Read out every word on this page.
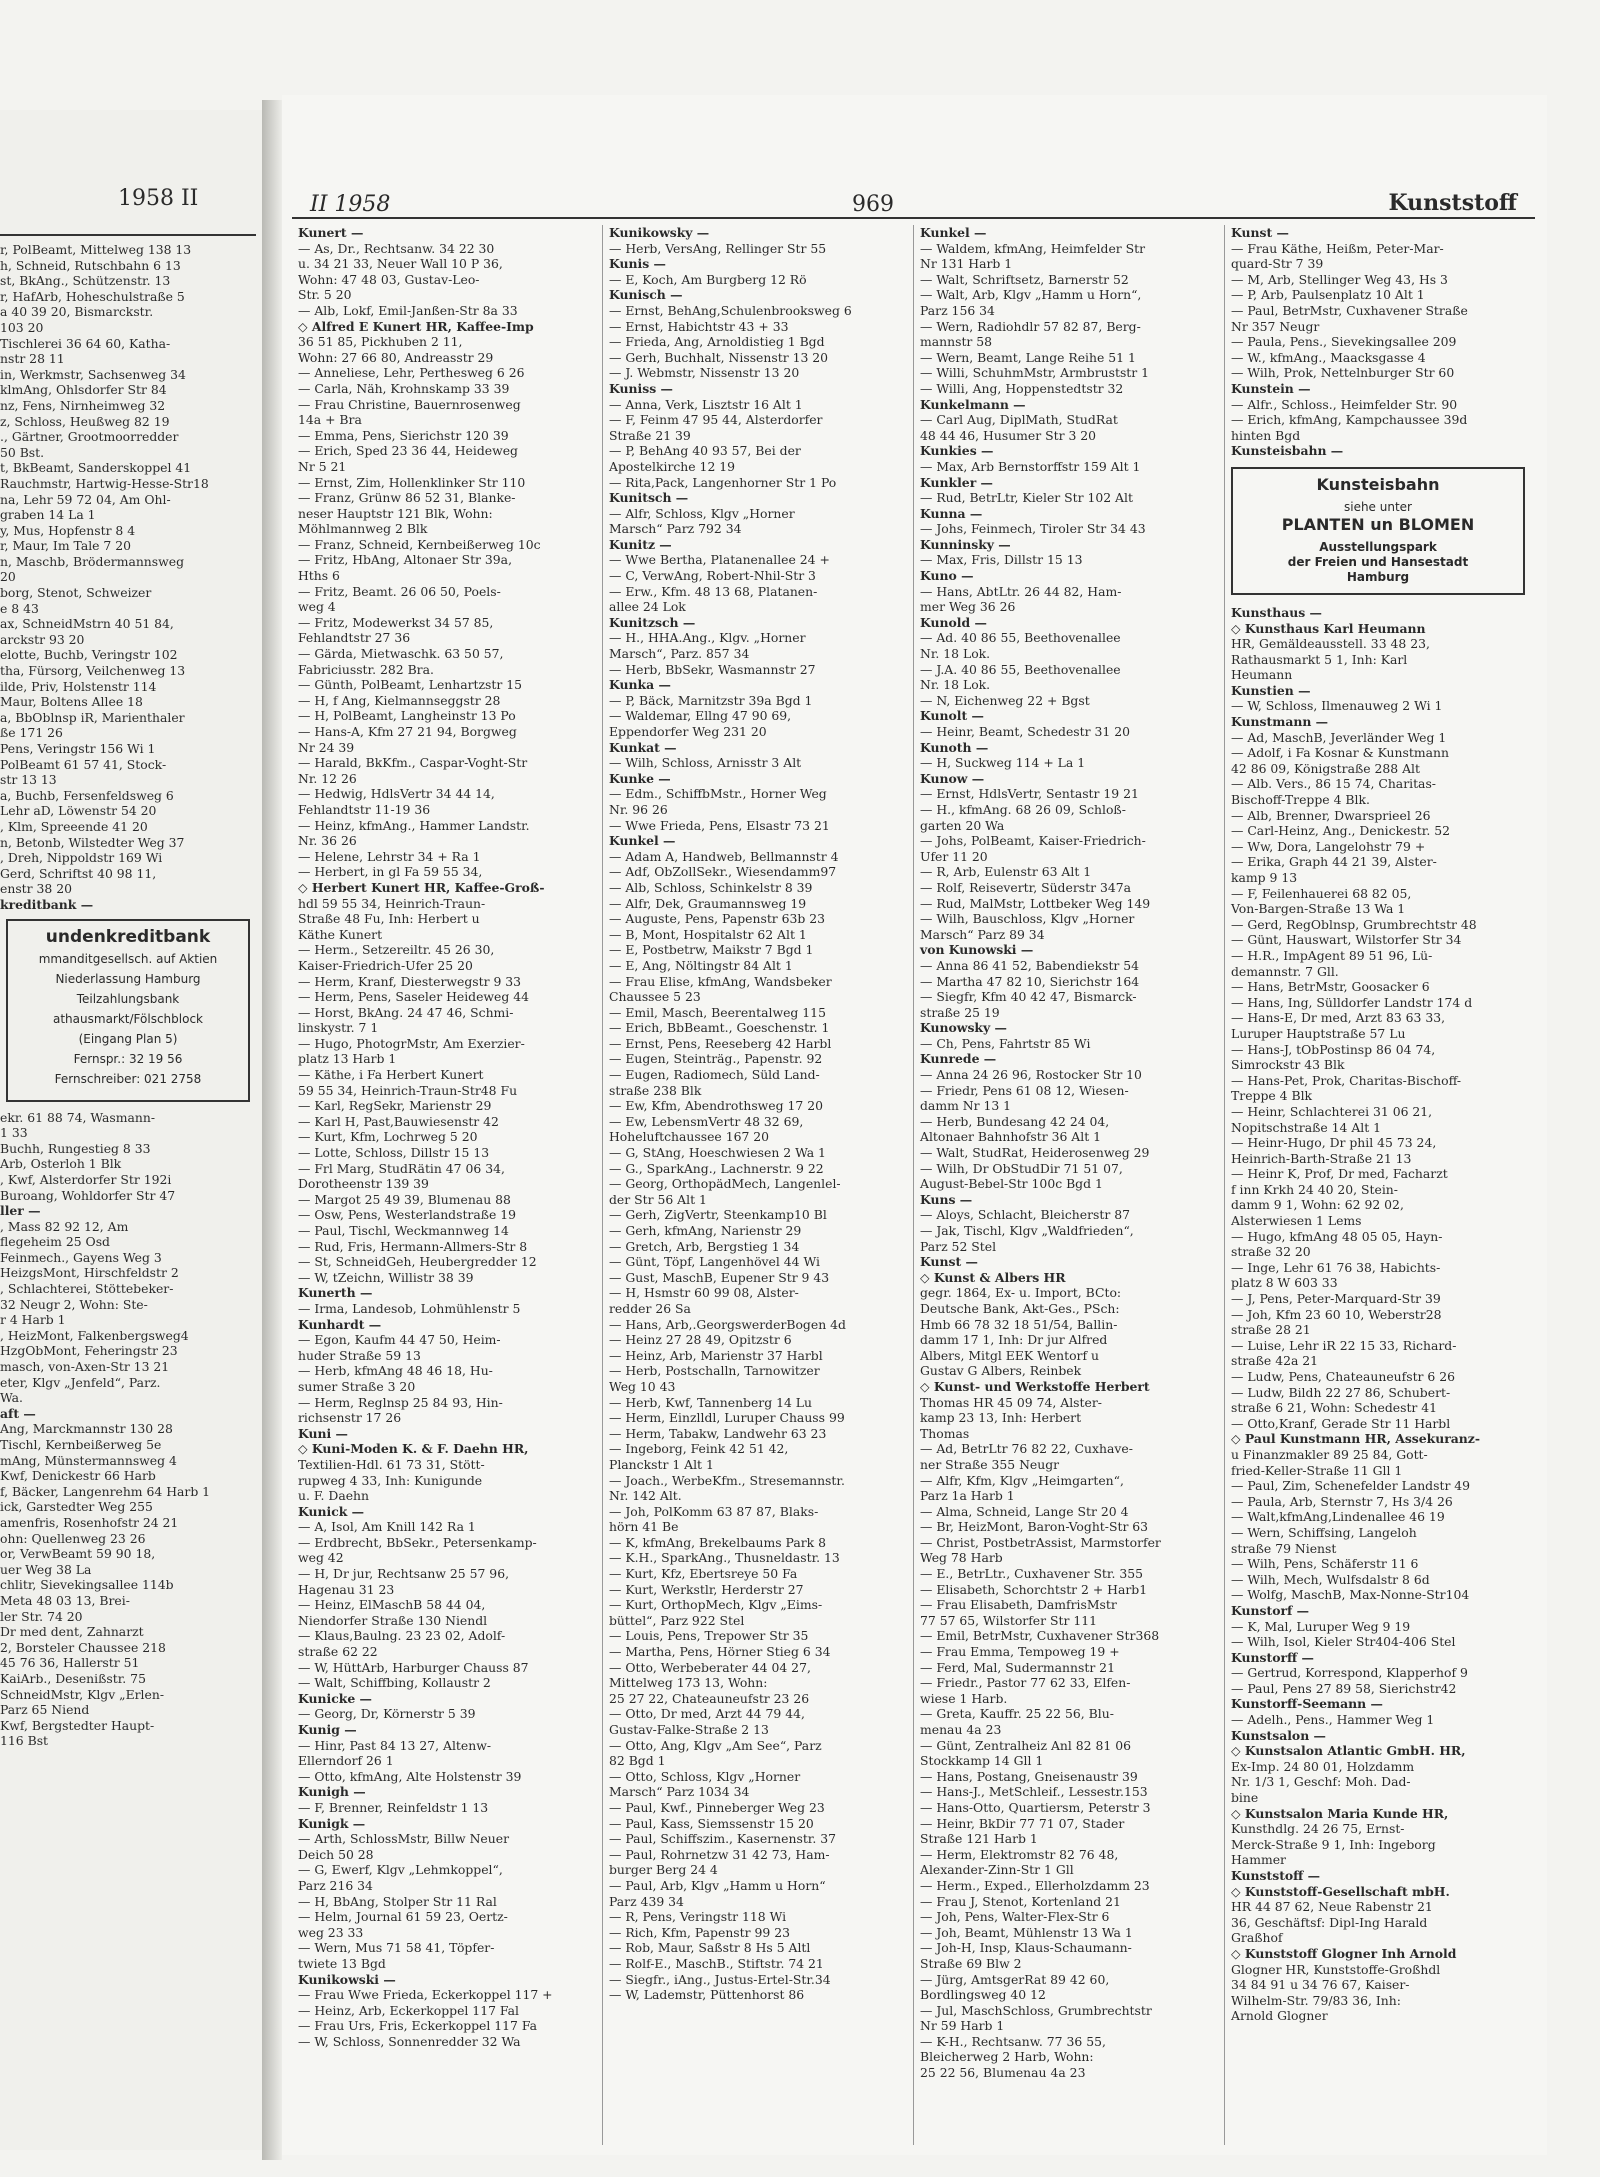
1958 II

r, PolBeamt, Mittelweg 138 13

h, Schneid, Rutschbahn 6 13

st, BkAng., Schützenstr. 13

r, HafArb, Hoheschulstraße 5

a 40 39 20, Bismarckstr.

103 20

Tischlerei 36 64 60, Katha-

nstr 28 11

in, Werkmstr, Sachsenweg 34

klmAng, Ohlsdorfer Str 84

nz, Fens, Nirnheimweg 32

z, Schloss, Heußweg 82 19

., Gärtner, Grootmoorredder

50 Bst.

t, BkBeamt, Sanderskoppel 41

Rauchmstr, Hartwig-Hesse-Str18

na, Lehr 59 72 04, Am Ohl-

graben 14 La 1

y, Mus, Hopfenstr 8 4

r, Maur, Im Tale 7 20

n, Maschb, Brödermannsweg

20

borg, Stenot, Schweizer

e 8 43

ax, SchneidMstrn 40 51 84,

arckstr 93 20

elotte, Buchb, Veringstr 102

tha, Fürsorg, Veilchenweg 13

ilde, Priv, Holstenstr 114

Maur, Boltens Allee 18

a, BbOblnsp iR, Marienthaler

ße 171 26

Pens, Veringstr 156 Wi 1

PolBeamt 61 57 41, Stock-

str 13 13

a, Buchb, Fersenfeldsweg 6

Lehr aD, Löwenstr 54 20

, Klm, Spreeende 41 20

n, Betonb, Wilstedter Weg 37

, Dreh, Nippoldstr 169 Wi

Gerd, Schriftst 40 98 11,

enstr 38 20

kreditbank —

undenkreditbank
mmanditgesellsch. auf Aktien
Niederlassung Hamburg
Teilzahlungsbank
athausmarkt/Fölschblock
(Eingang Plan 5)
Fernspr.: 32 19 56
Fernschreiber: 021 2758

ekr. 61 88 74, Wasmann-

1 33

Buchh, Rungestieg 8 33

Arb, Osterloh 1 Blk

, Kwf, Alsterdorfer Str 192i

Buroang, Wohldorfer Str 47

ller —

, Mass 82 92 12, Am

flegeheim 25 Osd

Feinmech., Gayens Weg 3

HeizgsMont, Hirschfeldstr 2

, Schlachterei, Stöttebeker-

32 Neugr 2, Wohn: Ste-

r 4 Harb 1

, HeizMont, Falkenbergsweg4

HzgObMont, Feheringstr 23

masch, von-Axen-Str 13 21

eter, Klgv „Jenfeld“, Parz.

Wa.

aft —

Ang, Marckmannstr 130 28

Tischl, Kernbeißerweg 5e

mAng, Münstermannsweg 4

Kwf, Denickestr 66 Harb

f, Bäcker, Langenrehm 64 Harb 1

ick, Garstedter Weg 255

amenfris, Rosenhofstr 24 21

ohn: Quellenweg 23 26

or, VerwBeamt 59 90 18,

uer Weg 38 La

chlitr, Sievekingsallee 114b

Meta 48 03 13, Brei-

ler Str. 74 20

Dr med dent, Zahnarzt

2, Borsteler Chaussee 218

45 76 36, Hallerstr 51

KaiArb., Desenißstr. 75

SchneidMstr, Klgv „Erlen-

Parz 65 Niend

Kwf, Bergstedter Haupt-

116 Bst

II 1958	969	Kunststoff

Kunert —

— As, Dr., Rechtsanw. 34 22 30

u. 34 21 33, Neuer Wall 10 P 36,

Wohn: 47 48 03, Gustav-Leo-

Str. 5 20

— Alb, Lokf, Emil-Janßen-Str 8a 33

◇ Alfred E Kunert HR, Kaffee-Imp

36 51 85, Pickhuben 2 11,

Wohn: 27 66 80, Andreasstr 29

— Anneliese, Lehr, Perthesweg 6 26

— Carla, Näh, Krohnskamp 33 39

— Frau Christine, Bauernrosenweg

14a + Bra

— Emma, Pens, Sierichstr 120 39

— Erich, Sped 23 36 44, Heideweg

Nr 5 21

— Ernst, Zim, Hollenklinker Str 110

— Franz, Grünw 86 52 31, Blanke-

neser Hauptstr 121 Blk, Wohn:

Möhlmannweg 2 Blk

— Franz, Schneid, Kernbeißerweg 10c

— Fritz, HbAng, Altonaer Str 39a,

Hths 6

— Fritz, Beamt. 26 06 50, Poels-

weg 4

— Fritz, Modewerkst 34 57 85,

Fehlandtstr 27 36

— Gärda, Mietwaschk. 63 50 57,

Fabriciusstr. 282 Bra.

— Günth, PolBeamt, Lenhartzstr 15

— H, f Ang, Kielmannseggstr 28

— H, PolBeamt, Langheinstr 13 Po

— Hans-A, Kfm 27 21 94, Borgweg

Nr 24 39

— Harald, BkKfm., Caspar-Voght-Str

Nr. 12 26

— Hedwig, HdlsVertr 34 44 14,

Fehlandtstr 11-19 36

— Heinz, kfmAng., Hammer Landstr.

Nr. 36 26

— Helene, Lehrstr 34 + Ra 1

— Herbert, in gl Fa 59 55 34,

◇ Herbert Kunert HR, Kaffee-Groß-

hdl 59 55 34, Heinrich-Traun-

Straße 48 Fu, Inh: Herbert u

Käthe Kunert

— Herm., Setzereiltr. 45 26 30,

Kaiser-Friedrich-Ufer 25 20

— Herm, Kranf, Diesterwegstr 9 33

— Herm, Pens, Saseler Heideweg 44

— Horst, BkAng. 24 47 46, Schmi-

linskystr. 7 1

— Hugo, PhotogrMstr, Am Exerzier-

platz 13 Harb 1

— Käthe, i Fa Herbert Kunert

59 55 34, Heinrich-Traun-Str48 Fu

— Karl, RegSekr, Marienstr 29

— Karl H, Past,Bauwiesenstr 42

— Kurt, Kfm, Lochrweg 5 20

— Lotte, Schloss, Dillstr 15 13

— Frl Marg, StudRätin 47 06 34,

Dorotheenstr 139 39

— Margot 25 49 39, Blumenau 88

— Osw, Pens, Westerlandstraße 19

— Paul, Tischl, Weckmannweg 14

— Rud, Fris, Hermann-Allmers-Str 8

— St, SchneidGeh, Heubergredder 12

— W, tZeichn, Willistr 38 39

Kunerth —

— Irma, Landesob, Lohmühlenstr 5

Kunhardt —

— Egon, Kaufm 44 47 50, Heim-

huder Straße 59 13

— Herb, kfmAng 48 46 18, Hu-

sumer Straße 3 20

— Herm, Reglnsp 25 84 93, Hin-

richsenstr 17 26

Kuni —

◇ Kuni-Moden K. & F. Daehn HR,

Textilien-Hdl. 61 73 31, Stött-

rupweg 4 33, Inh: Kunigunde

u. F. Daehn

Kunick —

— A, Isol, Am Knill 142 Ra 1

— Erdbrecht, BbSekr., Petersenkamp-

weg 42

— H, Dr jur, Rechtsanw 25 57 96,

Hagenau 31 23

— Heinz, ElMaschB 58 44 04,

Niendorfer Straße 130 Niendl

— Klaus,Baulng. 23 23 02, Adolf-

straße 62 22

— W, HüttArb, Harburger Chauss 87

— Walt, Schiffbing, Kollaustr 2

Kunicke —

— Georg, Dr, Körnerstr 5 39

Kunig —

— Hinr, Past 84 13 27, Altenw-

Ellerndorf 26 1

— Otto, kfmAng, Alte Holstenstr 39

Kunigh —

— F, Brenner, Reinfeldstr 1 13

Kunigk —

— Arth, SchlossMstr, Billw Neuer

Deich 50 28

— G, Ewerf, Klgv „Lehmkoppel“,

Parz 216 34

— H, BbAng, Stolper Str 11 Ral

— Helm, Journal 61 59 23, Oertz-

weg 23 33

— Wern, Mus 71 58 41, Töpfer-

twiete 13 Bgd

Kunikowski —

— Frau Wwe Frieda, Eckerkoppel 117 +

— Heinz, Arb, Eckerkoppel 117 Fal

— Frau Urs, Fris, Eckerkoppel 117 Fa

— W, Schloss, Sonnenredder 32 Wa

Kunikowsky —

— Herb, VersAng, Rellinger Str 55

Kunis —

— E, Koch, Am Burgberg 12 Rö

Kunisch —

— Ernst, BehAng,Schulenbrooksweg 6

— Ernst, Habichtstr 43 + 33

— Frieda, Ang, Arnoldistieg 1 Bgd

— Gerh, Buchhalt, Nissenstr 13 20

— J. Webmstr, Nissenstr 13 20

Kuniss —

— Anna, Verk, Lisztstr 16 Alt 1

— F, Feinm 47 95 44, Alsterdorfer

Straße 21 39

— P, BehAng 40 93 57, Bei der

Apostelkirche 12 19

— Rita,Pack, Langenhorner Str 1 Po

Kunitsch —

— Alfr, Schloss, Klgv „Horner

Marsch“ Parz 792 34

Kunitz —

— Wwe Bertha, Platanenallee 24 +

— C, VerwAng, Robert-Nhil-Str 3

— Erw., Kfm. 48 13 68, Platanen-

allee 24 Lok

Kunitzsch —

— H., HHA.Ang., Klgv. „Horner

Marsch“, Parz. 857 34

— Herb, BbSekr, Wasmannstr 27

Kunka —

— P, Bäck, Marnitzstr 39a Bgd 1

— Waldemar, Ellng 47 90 69,

Eppendorfer Weg 231 20

Kunkat —

— Wilh, Schloss, Arnisstr 3 Alt

Kunke —

— Edm., SchiffbMstr., Horner Weg

Nr. 96 26

— Wwe Frieda, Pens, Elsastr 73 21

Kunkel —

— Adam A, Handweb, Bellmannstr 4

— Adf, ObZollSekr., Wiesendamm97

— Alb, Schloss, Schinkelstr 8 39

— Alfr, Dek, Graumannsweg 19

— Auguste, Pens, Papenstr 63b 23

— B, Mont, Hospitalstr 62 Alt 1

— E, Postbetrw, Maikstr 7 Bgd 1

— E, Ang, Nöltingstr 84 Alt 1

— Frau Elise, kfmAng, Wandsbeker

Chaussee 5 23

— Emil, Masch, Beerentalweg 115

— Erich, BbBeamt., Goeschenstr. 1

— Ernst, Pens, Reeseberg 42 Harbl

— Eugen, Steinträg., Papenstr. 92

— Eugen, Radiomech, Süld Land-

straße 238 Blk

— Ew, Kfm, Abendrothsweg 17 20

— Ew, LebensmVertr 48 32 69,

Hoheluftchaussee 167 20

— G, StAng, Hoeschwiesen 2 Wa 1

— G., SparkAng., Lachnerstr. 9 22

— Georg, OrthopädMech, Langenlel-

der Str 56 Alt 1

— Gerh, ZigVertr, Steenkamp10 Bl

— Gerh, kfmAng, Narienstr 29

— Gretch, Arb, Bergstieg 1 34

— Günt, Töpf, Langenhövel 44 Wi

— Gust, MaschB, Eupener Str 9 43

— H, Hsmstr 60 99 08, Alster-

redder 26 Sa

— Hans, Arb,.GeorgswerderBogen 4d

— Heinz 27 28 49, Opitzstr 6

— Heinz, Arb, Marienstr 37 Harbl

— Herb, Postschalln, Tarnowitzer

Weg 10 43

— Herb, Kwf, Tannenberg 14 Lu

— Herm, Einzlldl, Luruper Chauss 99

— Herm, Tabakw, Landwehr 63 23

— Ingeborg, Feink 42 51 42,

Planckstr 1 Alt 1

— Joach., WerbeKfm., Stresemannstr.

Nr. 142 Alt.

— Joh, PolKomm 63 87 87, Blaks-

hörn 41 Be

— K, kfmAng, Brekelbaums Park 8

— K.H., SparkAng., Thusneldastr. 13

— Kurt, Kfz, Ebertsreye 50 Fa

— Kurt, Werkstlr, Herderstr 27

— Kurt, OrthopMech, Klgv „Eims-

büttel“, Parz 922 Stel

— Louis, Pens, Trepower Str 35

— Martha, Pens, Hörner Stieg 6 34

— Otto, Werbeberater 44 04 27,

Mittelweg 173 13, Wohn:

25 27 22, Chateauneufstr 23 26

— Otto, Dr med, Arzt 44 79 44,

Gustav-Falke-Straße 2 13

— Otto, Ang, Klgv „Am See“, Parz

82 Bgd 1

— Otto, Schloss, Klgv „Horner

Marsch“ Parz 1034 34

— Paul, Kwf., Pinneberger Weg 23

— Paul, Kass, Siemssenstr 15 20

— Paul, Schiffszim., Kasernenstr. 37

— Paul, Rohrnetzw 31 42 73, Ham-

burger Berg 24 4

— Paul, Arb, Klgv „Hamm u Horn“

Parz 439 34

— R, Pens, Veringstr 118 Wi

— Rich, Kfm, Papenstr 99 23

— Rob, Maur, Saßstr 8 Hs 5 Altl

— Rolf-E., MaschB., Stiftstr. 74 21

— Siegfr., iAng., Justus-Ertel-Str.34

— W, Lademstr, Püttenhorst 86

Kunkel —

— Waldem, kfmAng, Heimfelder Str

Nr 131 Harb 1

— Walt, Schriftsetz, Barnerstr 52

— Walt, Arb, Klgv „Hamm u Horn“,

Parz 156 34

— Wern, Radiohdlr 57 82 87, Berg-

mannstr 58

— Wern, Beamt, Lange Reihe 51 1

— Willi, SchuhmMstr, Armbruststr 1

— Willi, Ang, Hoppenstedtstr 32

Kunkelmann —

— Carl Aug, DiplMath, StudRat

48 44 46, Husumer Str 3 20

Kunkies —

— Max, Arb Bernstorffstr 159 Alt 1

Kunkler —

— Rud, BetrLtr, Kieler Str 102 Alt

Kunna —

— Johs, Feinmech, Tiroler Str 34 43

Kunninsky —

— Max, Fris, Dillstr 15 13

Kuno —

— Hans, AbtLtr. 26 44 82, Ham-

mer Weg 36 26

Kunold —

— Ad. 40 86 55, Beethovenallee

Nr. 18 Lok.

— J.A. 40 86 55, Beethovenallee

Nr. 18 Lok.

— N, Eichenweg 22 + Bgst

Kunolt —

— Heinr, Beamt, Schedestr 31 20

Kunoth —

— H, Suckweg 114 + La 1

Kunow —

— Ernst, HdlsVertr, Sentastr 19 21

— H., kfmAng. 68 26 09, Schloß-

garten 20 Wa

— Johs, PolBeamt, Kaiser-Friedrich-

Ufer 11 20

— R, Arb, Eulenstr 63 Alt 1

— Rolf, Reisevertr, Süderstr 347a

— Rud, MalMstr, Lottbeker Weg 149

— Wilh, Bauschloss, Klgv „Horner

Marsch“ Parz 89 34

von Kunowski —

— Anna 86 41 52, Babendiekstr 54

— Martha 47 82 10, Sierichstr 164

— Siegfr, Kfm 40 42 47, Bismarck-

straße 25 19

Kunowsky —

— Ch, Pens, Fahrtstr 85 Wi

Kunrede —

— Anna 24 26 96, Rostocker Str 10

— Friedr, Pens 61 08 12, Wiesen-

damm Nr 13 1

— Herb, Bundesang 42 24 04,

Altonaer Bahnhofstr 36 Alt 1

— Walt, StudRat, Heiderosenweg 29

— Wilh, Dr ObStudDir 71 51 07,

August-Bebel-Str 100c Bgd 1

Kuns —

— Aloys, Schlacht, Bleicherstr 87

— Jak, Tischl, Klgv „Waldfrieden“,

Parz 52 Stel

Kunst —

◇ Kunst & Albers HR

gegr. 1864, Ex- u. Import, BCto:

Deutsche Bank, Akt-Ges., PSch:

Hmb 66 78 32 18 51/54, Ballin-

damm 17 1, Inh: Dr jur Alfred

Albers, Mitgl EEK Wentorf u

Gustav G Albers, Reinbek

◇ Kunst- und Werkstoffe Herbert

Thomas HR 45 09 74, Alster-

kamp 23 13, Inh: Herbert

Thomas

— Ad, BetrLtr 76 82 22, Cuxhave-

ner Straße 355 Neugr

— Alfr, Kfm, Klgv „Heimgarten“,

Parz 1a Harb 1

— Alma, Schneid, Lange Str 20 4

— Br, HeizMont, Baron-Voght-Str 63

— Christ, PostbetrAssist, Marmstorfer

Weg 78 Harb

— E., BetrLtr., Cuxhavener Str. 355

— Elisabeth, Schorchtstr 2 + Harb1

— Frau Elisabeth, DamfrisMstr

77 57 65, Wilstorfer Str 111

— Emil, BetrMstr, Cuxhavener Str368

— Frau Emma, Tempoweg 19 +

— Ferd, Mal, Sudermannstr 21

— Friedr., Pastor 77 62 33, Elfen-

wiese 1 Harb.

— Greta, Kauffr. 25 22 56, Blu-

menau 4a 23

— Günt, Zentralheiz Anl 82 81 06

Stockkamp 14 Gll 1

— Hans, Postang, Gneisenaustr 39

— Hans-J., MetSchleif., Lessestr.153

— Hans-Otto, Quartiersm, Peterstr 3

— Heinr, BkDir 77 71 07, Stader

Straße 121 Harb 1

— Herm, Elektromstr 82 76 48,

Alexander-Zinn-Str 1 Gll

— Herm., Exped., Ellerholzdamm 23

— Frau J, Stenot, Kortenland 21

— Joh, Pens, Walter-Flex-Str 6

— Joh, Beamt, Mühlenstr 13 Wa 1

— Joh-H, Insp, Klaus-Schaumann-

Straße 69 Blw 2

— Jürg, AmtsgerRat 89 42 60,

Bordlingsweg 40 12

— Jul, MaschSchloss, Grumbrechtstr

Nr 59 Harb 1

— K-H., Rechtsanw. 77 36 55,

Bleicherweg 2 Harb, Wohn:

25 22 56, Blumenau 4a 23

Kunst —

— Frau Käthe, Heißm, Peter-Mar-

quard-Str 7 39

— M, Arb, Stellinger Weg 43, Hs 3

— P, Arb, Paulsenplatz 10 Alt 1

— Paul, BetrMstr, Cuxhavener Straße

Nr 357 Neugr

— Paula, Pens., Sievekingsallee 209

— W., kfmAng., Maacksgasse 4

— Wilh, Prok, Nettelnburger Str 60

Kunstein —

— Alfr., Schloss., Heimfelder Str. 90

— Erich, kfmAng, Kampchaussee 39d

hinten Bgd

Kunsteisbahn —

Kunsteisbahn
siehe unter
PLANTEN un BLOMEN
Ausstellungspark
der Freien und Hansestadt
Hamburg

Kunsthaus —

◇ Kunsthaus Karl Heumann

HR, Gemäldeausstell. 33 48 23,

Rathausmarkt 5 1, Inh: Karl

Heumann

Kunstien —

— W, Schloss, Ilmenauweg 2 Wi 1

Kunstmann —

— Ad, MaschB, Jeverländer Weg 1

— Adolf, i Fa Kosnar & Kunstmann

42 86 09, Königstraße 288 Alt

— Alb. Vers., 86 15 74, Charitas-

Bischoff-Treppe 4 Blk.

— Alb, Brenner, Dwarsprieel 26

— Carl-Heinz, Ang., Denickestr. 52

— Ww, Dora, Langelohstr 79 +

— Erika, Graph 44 21 39, Alster-

kamp 9 13

— F, Feilenhauerei 68 82 05,

Von-Bargen-Straße 13 Wa 1

— Gerd, RegOblnsp, Grumbrechtstr 48

— Günt, Hauswart, Wilstorfer Str 34

— H.R., ImpAgent 89 51 96, Lü-

demannstr. 7 Gll.

— Hans, BetrMstr, Goosacker 6

— Hans, Ing, Sülldorfer Landstr 174 d

— Hans-E, Dr med, Arzt 83 63 33,

Luruper Hauptstraße 57 Lu

— Hans-J, tObPostinsp 86 04 74,

Simrockstr 43 Blk

— Hans-Pet, Prok, Charitas-Bischoff-

Treppe 4 Blk

— Heinr, Schlachterei 31 06 21,

Nopitschstraße 14 Alt 1

— Heinr-Hugo, Dr phil 45 73 24,

Heinrich-Barth-Straße 21 13

— Heinr K, Prof, Dr med, Facharzt

f inn Krkh 24 40 20, Stein-

damm 9 1, Wohn: 62 92 02,

Alsterwiesen 1 Lems

— Hugo, kfmAng 48 05 05, Hayn-

straße 32 20

— Inge, Lehr 61 76 38, Habichts-

platz 8 W 603 33

— J, Pens, Peter-Marquard-Str 39

— Joh, Kfm 23 60 10, Weberstr28

straße 28 21

— Luise, Lehr iR 22 15 33, Richard-

straße 42a 21

— Ludw, Pens, Chateauneufstr 6 26

— Ludw, Bildh 22 27 86, Schubert-

straße 6 21, Wohn: Schedestr 41

— Otto,Kranf, Gerade Str 11 Harbl

◇ Paul Kunstmann HR, Assekuranz-

u Finanzmakler 89 25 84, Gott-

fried-Keller-Straße 11 Gll 1

— Paul, Zim, Schenefelder Landstr 49

— Paula, Arb, Sternstr 7, Hs 3/4 26

— Walt,kfmAng,Lindenallee 46 19

— Wern, Schiffsing, Langeloh

straße 79 Nienst

— Wilh, Pens, Schäferstr 11 6

— Wilh, Mech, Wulfsdalstr 8 6d

— Wolfg, MaschB, Max-Nonne-Str104

Kunstorf —

— K, Mal, Luruper Weg 9 19

— Wilh, Isol, Kieler Str404-406 Stel

Kunstorff —

— Gertrud, Korrespond, Klapperhof 9

— Paul, Pens 27 89 58, Sierichstr42

Kunstorff-Seemann —

— Adelh., Pens., Hammer Weg 1

Kunstsalon —

◇ Kunstsalon Atlantic GmbH. HR,

Ex-Imp. 24 80 01, Holzdamm

Nr. 1/3 1, Geschf: Moh. Dad-

bine

◇ Kunstsalon Maria Kunde HR,

Kunsthdlg. 24 26 75, Ernst-

Merck-Straße 9 1, Inh: Ingeborg

Hammer

Kunststoff —

◇ Kunststoff-Gesellschaft mbH.

HR 44 87 62, Neue Rabenstr 21

36, Geschäftsf: Dipl-Ing Harald

Graßhof

◇ Kunststoff Glogner Inh Arnold

Glogner HR, Kunststoffe-Großhdl

34 84 91 u 34 76 67, Kaiser-

Wilhelm-Str. 79/83 36, Inh:

Arnold Glogner
